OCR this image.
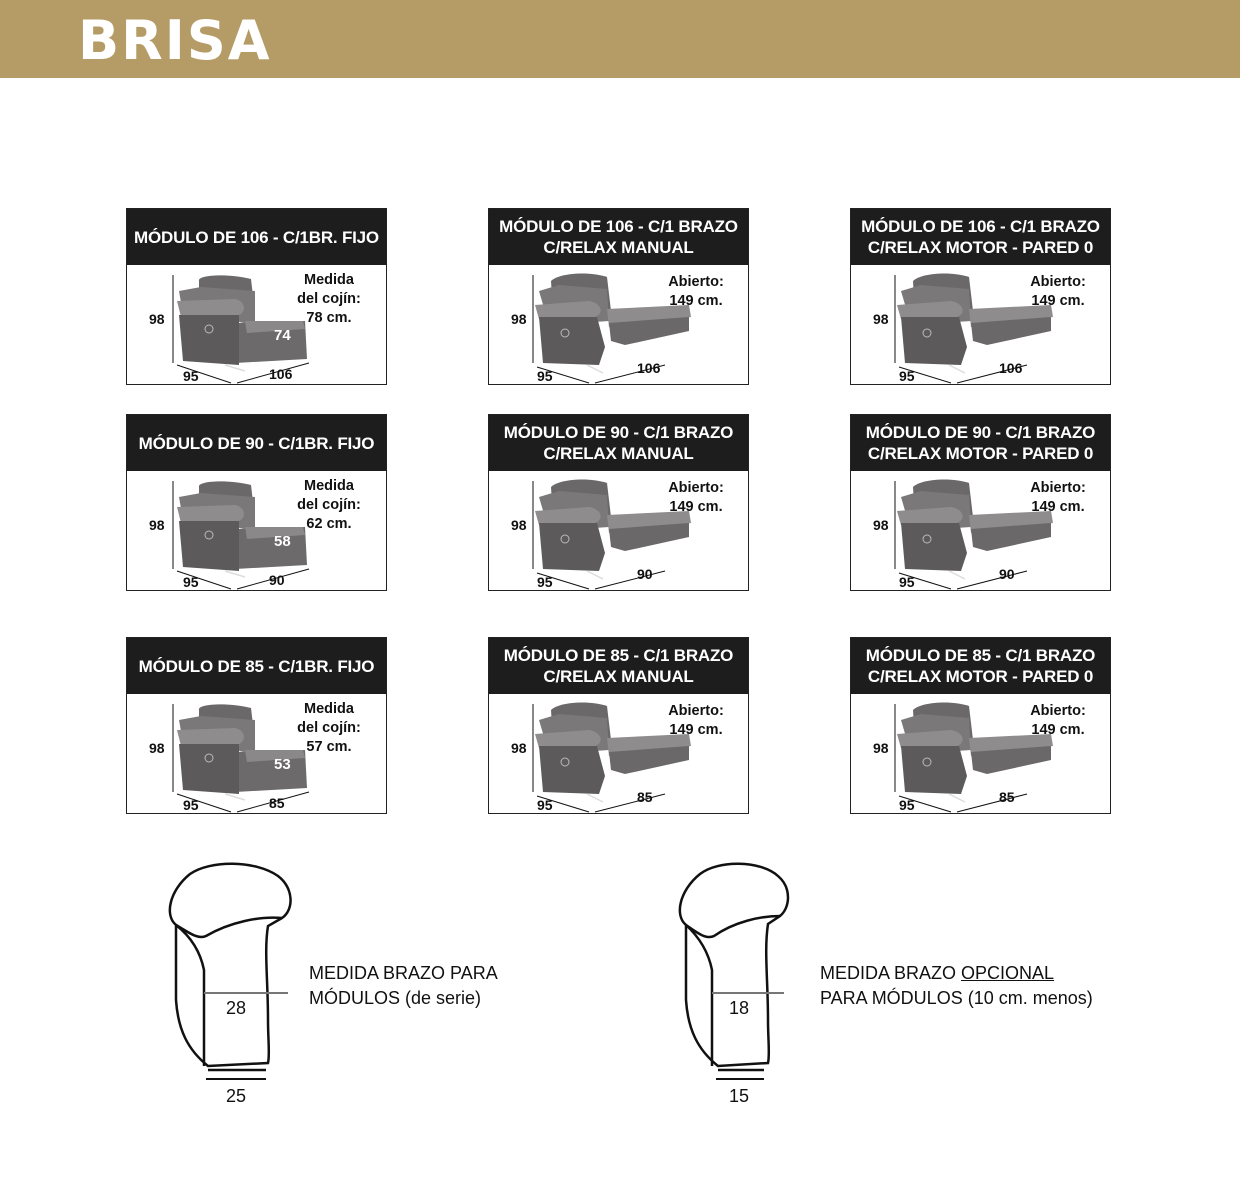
BRISA
MÓDULO DE 106 - C/1BR. FIJO
98
95	106
74
Medida
del cojín:
78 cm.
MÓDULO DE 106 - C/1 BRAZO
C/RELAX MANUAL
98
95	106
Abierto:
149 cm.
MÓDULO DE 106 - C/1 BRAZO
C/RELAX MOTOR - PARED 0
98
95	106
Abierto:
149 cm.
MÓDULO DE 90 - C/1BR. FIJO
98
95	90
58
Medida
del cojín:
62 cm.
MÓDULO DE 90 - C/1 BRAZO
C/RELAX MANUAL
98
95	90
Abierto:
149 cm.
MÓDULO DE 90 - C/1 BRAZO
C/RELAX MOTOR - PARED 0
98
95	90
Abierto:
149 cm.
MÓDULO DE 85 - C/1BR. FIJO
98
95	85
53
Medida
del cojín:
57 cm.
MÓDULO DE 85 - C/1 BRAZO
C/RELAX MANUAL
98
95	85
Abierto:
149 cm.
MÓDULO DE 85 - C/1 BRAZO
C/RELAX MOTOR - PARED 0
98
95	85
Abierto:
149 cm.
28
25
MEDIDA BRAZO PARA
MÓDULOS (de serie)	18
15
MEDIDA BRAZO OPCIONAL
PARA MÓDULOS (10 cm. menos)
